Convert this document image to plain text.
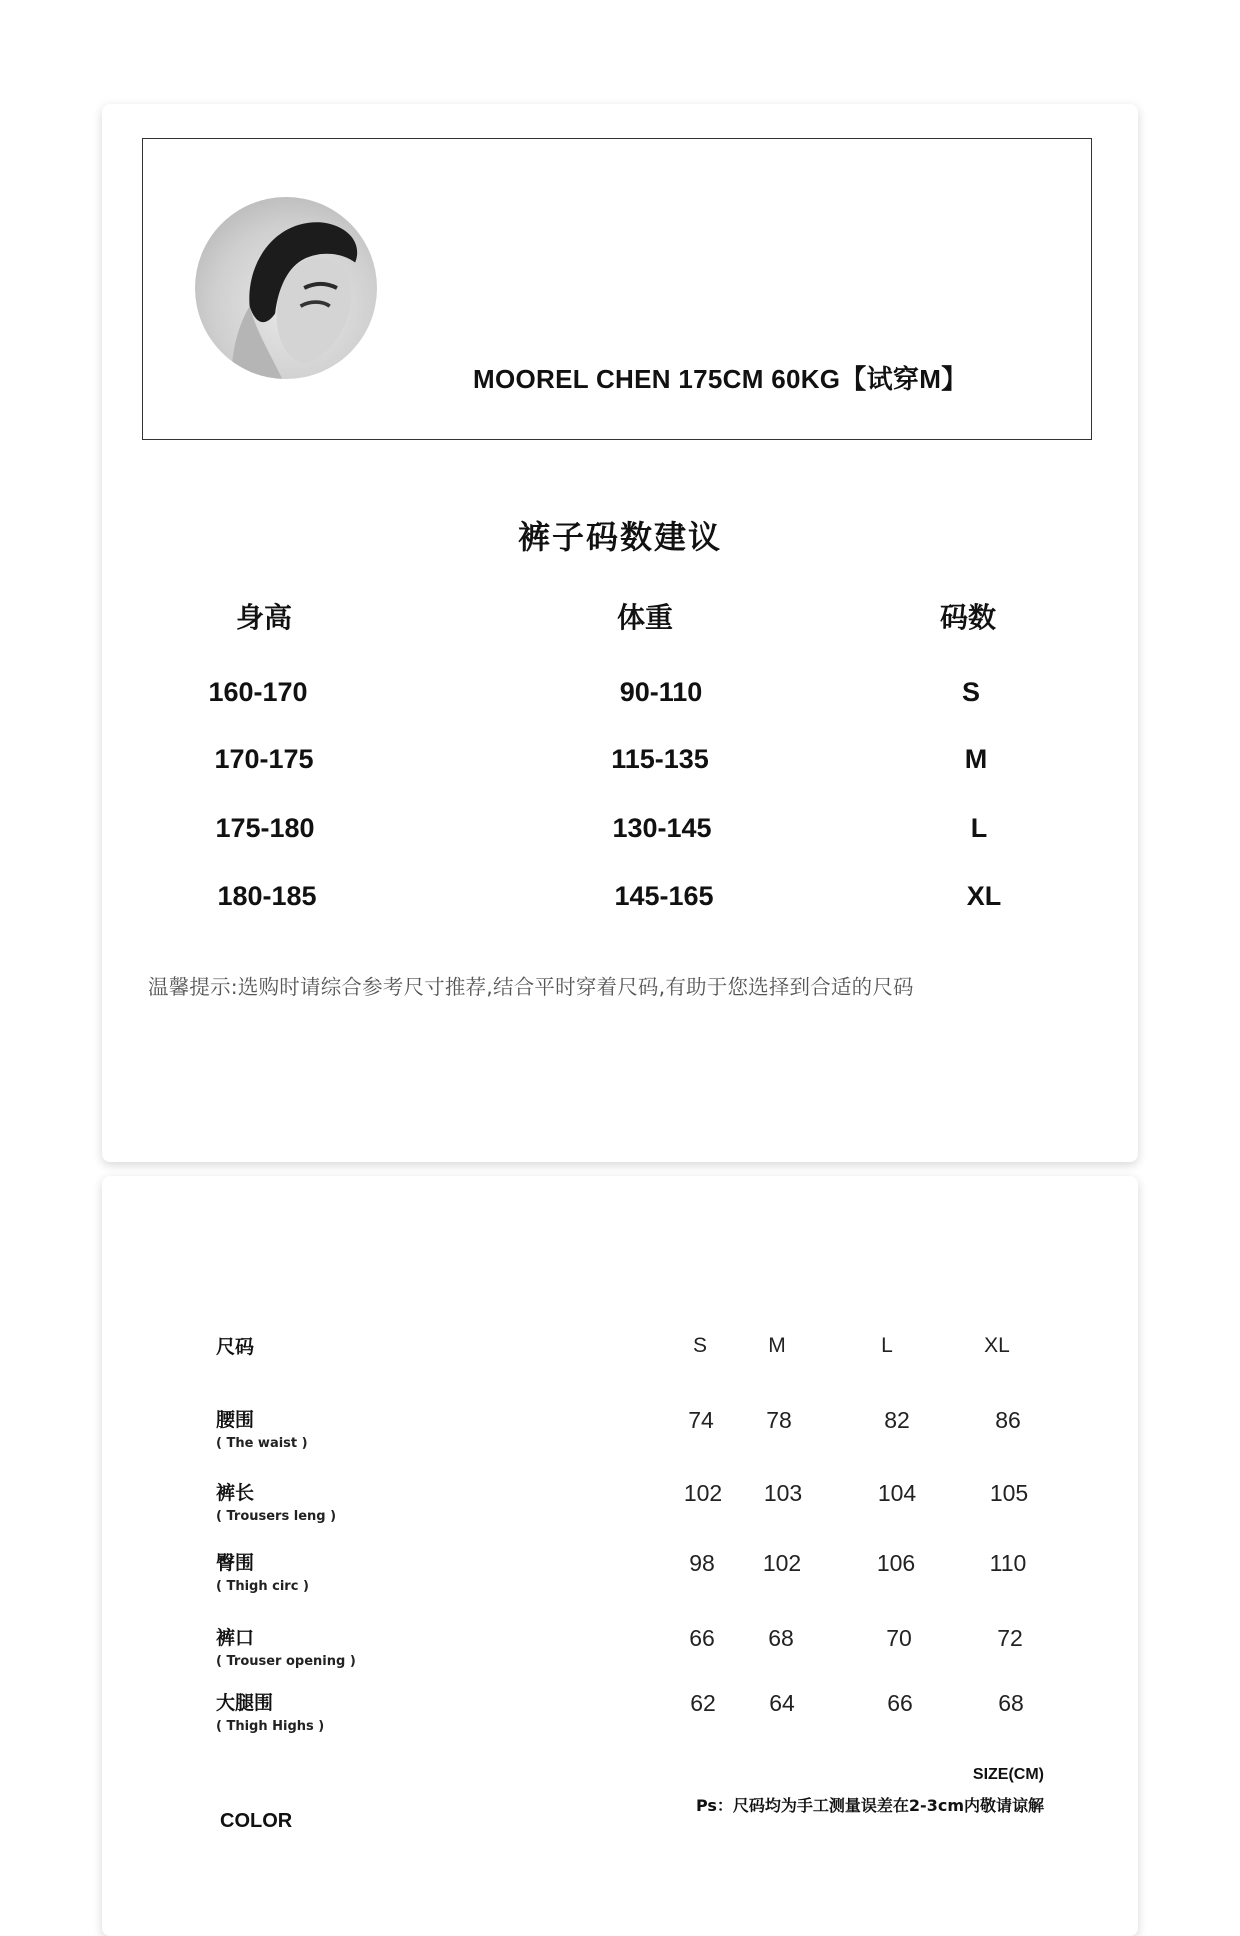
MOOREL CHEN 175CM 60KG【试穿M】
裤子码数建议
身高	体重	码数
160-170	90-110	S
170-175	115-135	M
175-180	130-145	L
180-185	145-165	XL
温馨提示:选购时请综合参考尺寸推荐,结合平时穿着尺码,有助于您选择到合适的尺码
尺码	S	M	L	XL
腰围
( The waist )
74	78	82	86
裤长
( Trousers leng )
102	103	104	105
臀围
( Thigh circ )
98	102	106	110
裤口
( Trouser opening )
66	68	70	72
大腿围
( Thigh Highs )
62	64	66	68
SIZE(CM)
Ps：尺码均为手工测量误差在2-3cm内敬请谅解
COLOR
